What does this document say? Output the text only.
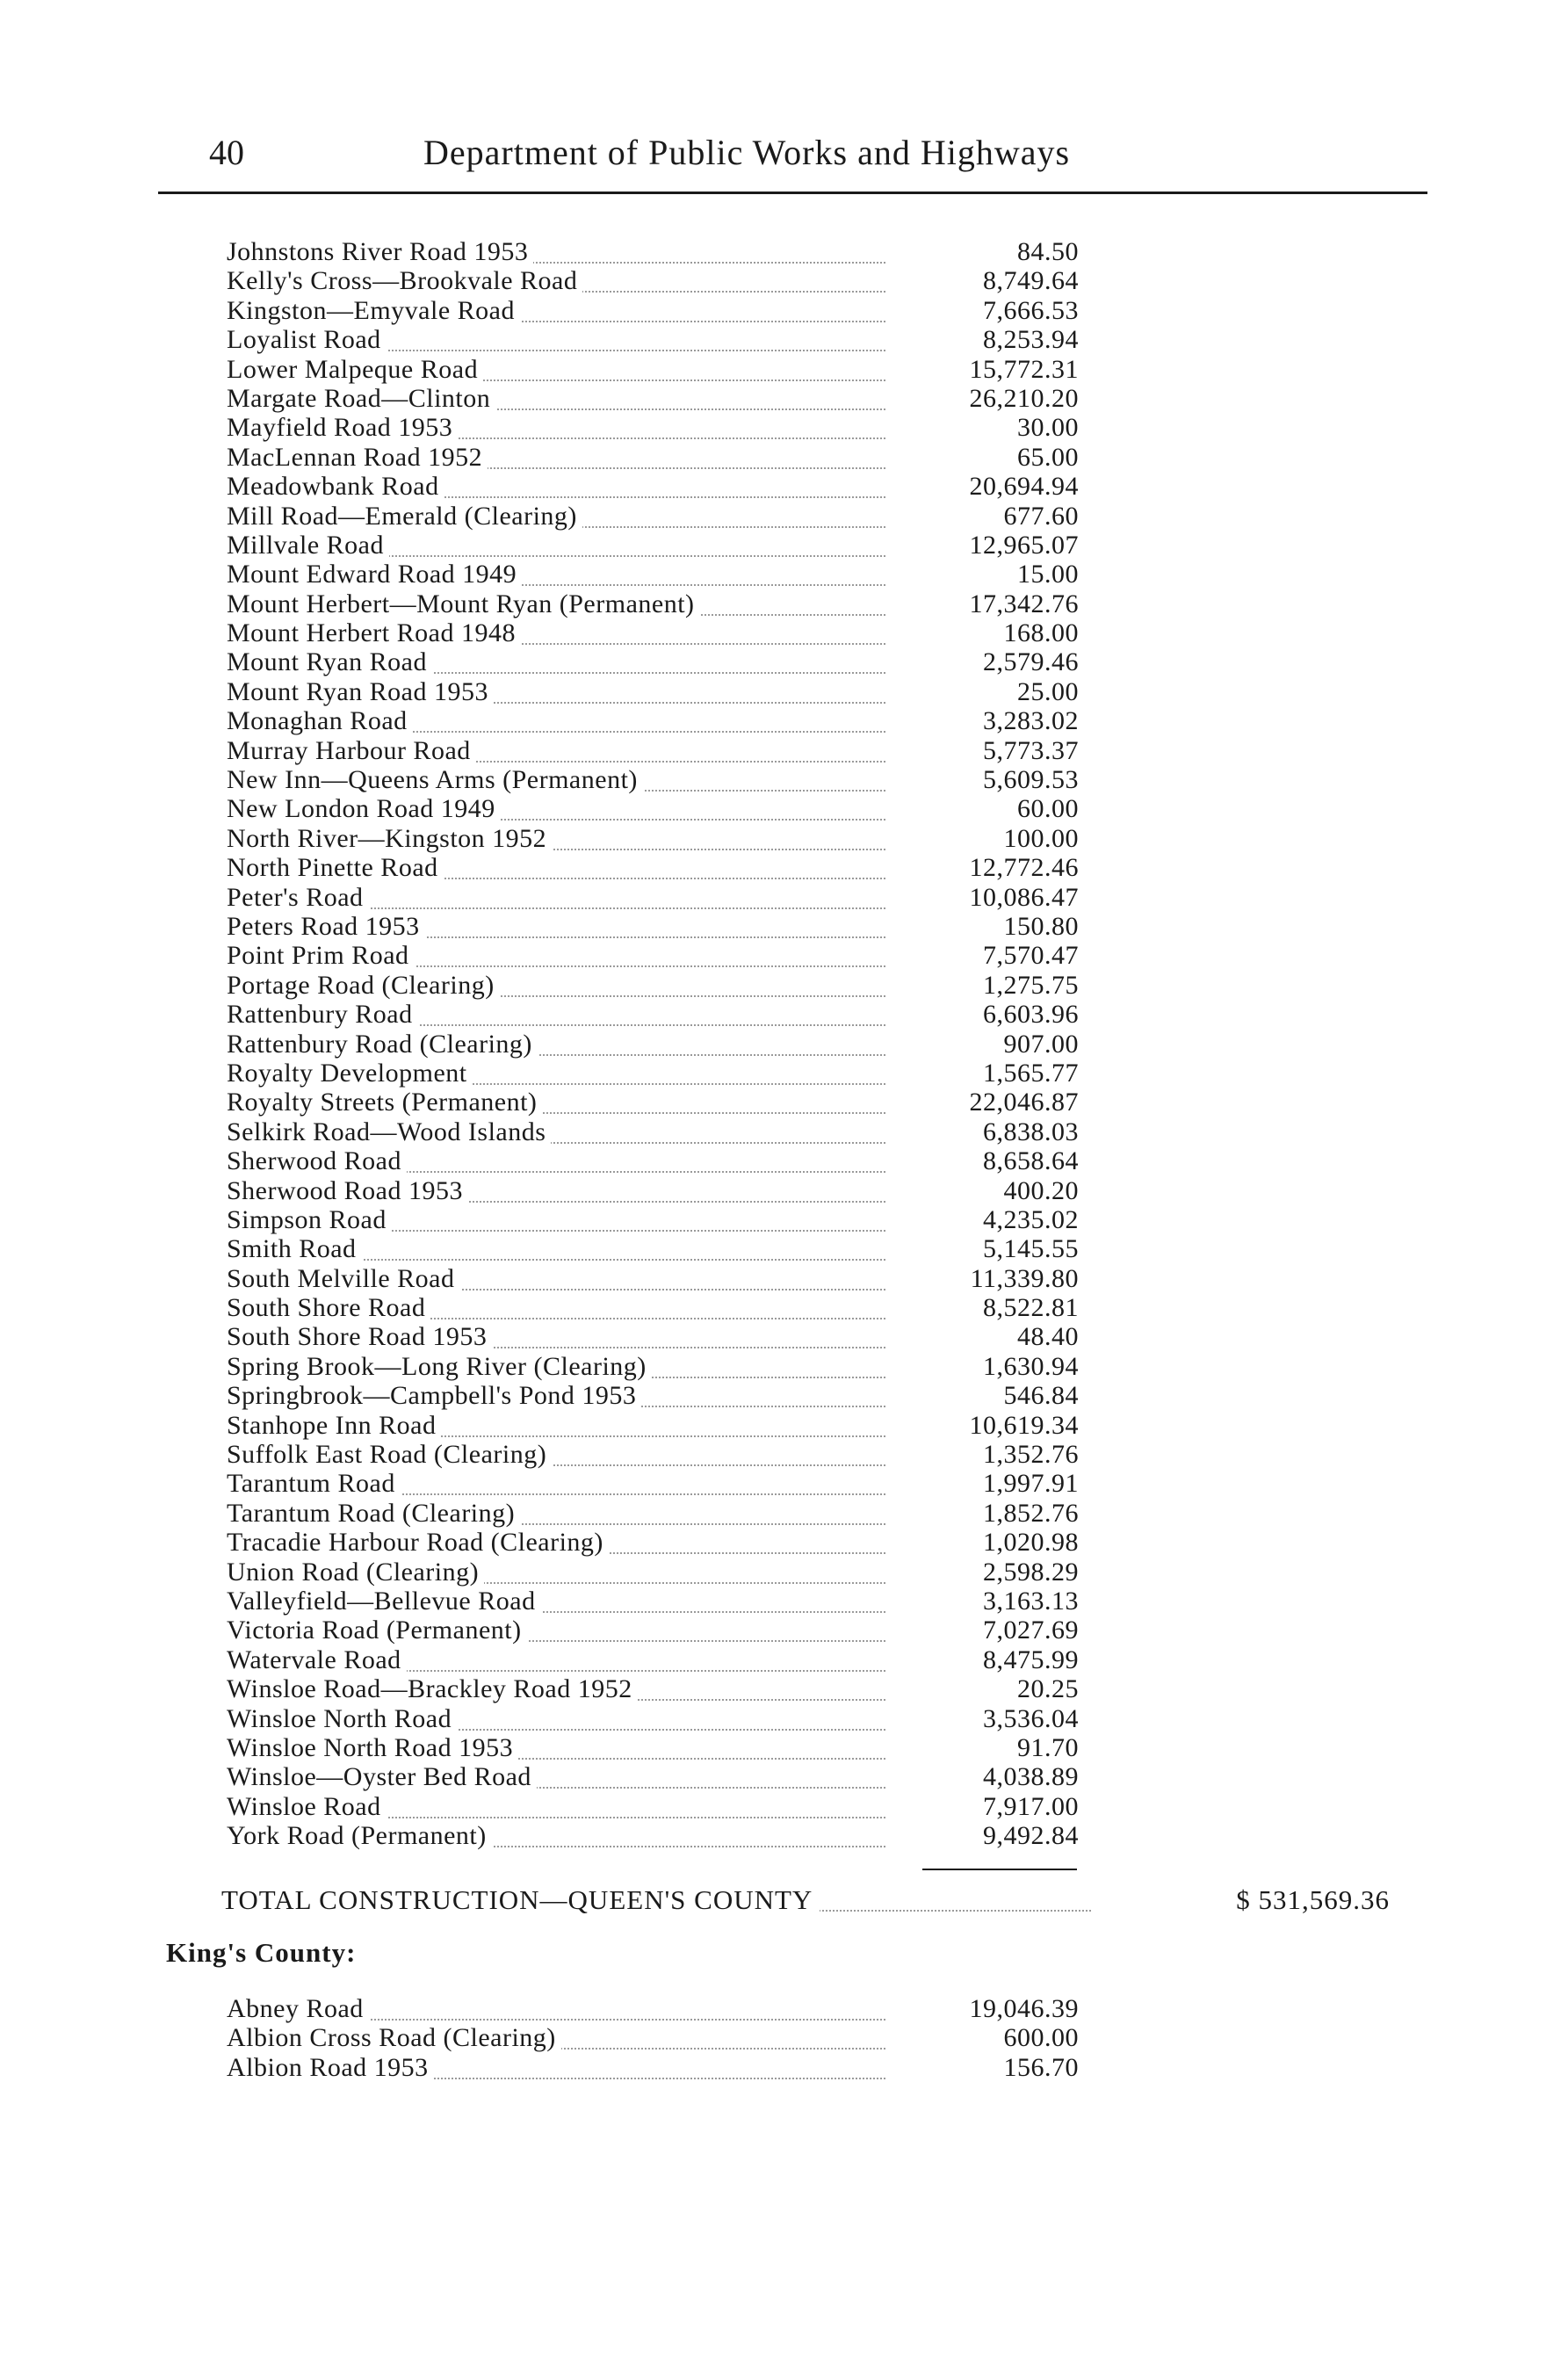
40	Department of Public Works and Highways
Johnstons River Road 1953	84.50
Kelly's Cross—Brookvale Road	8,749.64
Kingston—Emyvale Road	7,666.53
Loyalist Road	8,253.94
Lower Malpeque Road	15,772.31
Margate Road—Clinton	26,210.20
Mayfield Road 1953	30.00
MacLennan Road 1952	65.00
Meadowbank Road	20,694.94
Mill Road—Emerald (Clearing)	677.60
Millvale Road	12,965.07
Mount Edward Road 1949	15.00
Mount Herbert—Mount Ryan (Permanent)	17,342.76
Mount Herbert Road 1948	168.00
Mount Ryan Road	2,579.46
Mount Ryan Road 1953	25.00
Monaghan Road	3,283.02
Murray Harbour Road	5,773.37
New Inn—Queens Arms (Permanent)	5,609.53
New London Road 1949	60.00
North River—Kingston 1952	100.00
North Pinette Road	12,772.46
Peter's Road	10,086.47
Peters Road 1953	150.80
Point Prim Road	7,570.47
Portage Road (Clearing)	1,275.75
Rattenbury Road	6,603.96
Rattenbury Road (Clearing)	907.00
Royalty Development	1,565.77
Royalty Streets (Permanent)	22,046.87
Selkirk Road—Wood Islands	6,838.03
Sherwood Road	8,658.64
Sherwood Road 1953	400.20
Simpson Road	4,235.02
Smith Road	5,145.55
South Melville Road	11,339.80
South Shore Road	8,522.81
South Shore Road 1953	48.40
Spring Brook—Long River (Clearing)	1,630.94
Springbrook—Campbell's Pond 1953	546.84
Stanhope Inn Road	10,619.34
Suffolk East Road (Clearing)	1,352.76
Tarantum Road	1,997.91
Tarantum Road (Clearing)	1,852.76
Tracadie Harbour Road (Clearing)	1,020.98
Union Road (Clearing)	2,598.29
Valleyfield—Bellevue Road	3,163.13
Victoria Road (Permanent)	7,027.69
Watervale Road	8,475.99
Winsloe Road—Brackley Road 1952	20.25
Winsloe North Road	3,536.04
Winsloe North Road 1953	91.70
Winsloe—Oyster Bed Road	4,038.89
Winsloe Road	7,917.00
York Road (Permanent)	9,492.84
TOTAL CONSTRUCTION—QUEEN'S COUNTY	$ 531,569.36
King's County:
Abney Road	19,046.39
Albion Cross Road (Clearing)	600.00
Albion Road 1953	156.70
